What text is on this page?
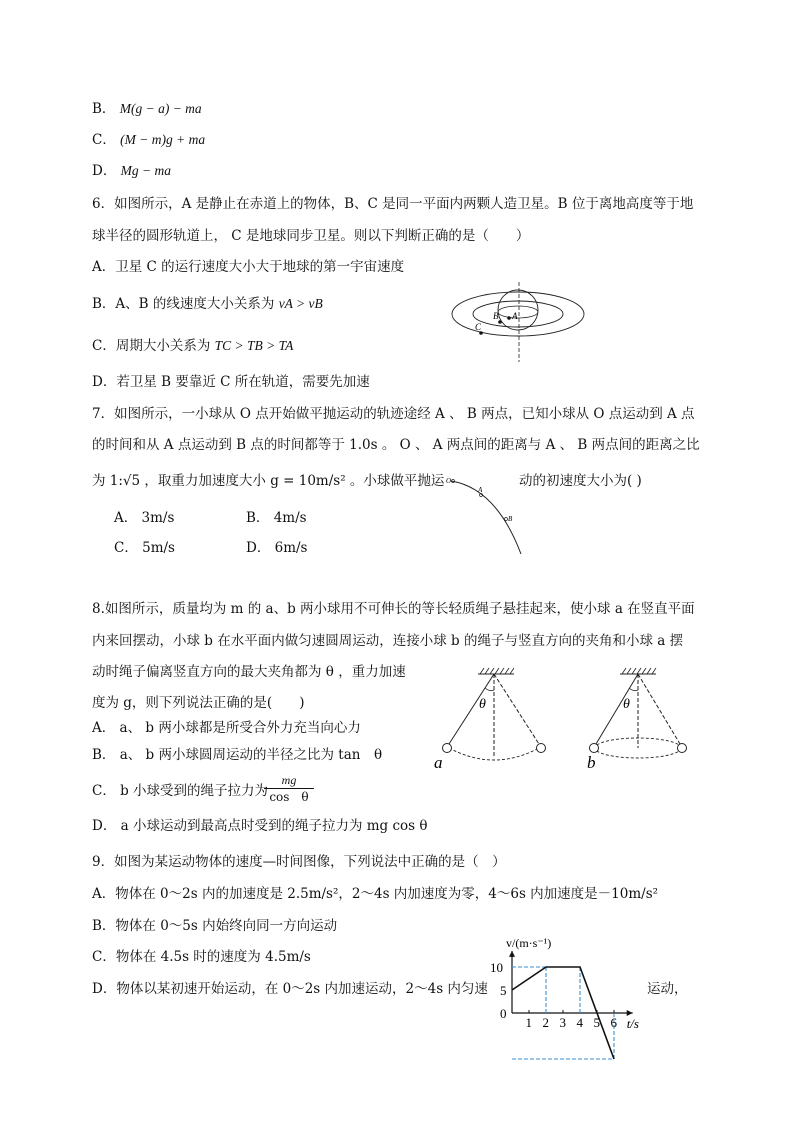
B． M(g − a) − ma
C． (M − m)g + ma
D． Mg − ma
6．如图所示，A 是静止在赤道上的物体，B、C 是同一平面内两颗人造卫星。B 位于离地高度等于地
球半径的圆形轨道上， C 是地球同步卫星。则以下判断正确的是（　　）
A．卫星 C 的运行速度大小大于地球的第一宇宙速度
B．A、B 的线速度大小关系为 vA > vB
C．周期大小关系为 TC > TB > TA
D．若卫星 B 要靠近 C 所在轨道，需要先加速
B A
C
7．如图所示，一小球从 O 点开始做平抛运动的轨迹途经 A 、 B 两点，已知小球从 O 点运动到 A 点
的时间和从 A 点运动到 B 点的时间都等于 1.0s 。 O 、 A 两点间的距离与 A 、 B 两点间的距离之比
为 1:√5 ，取重力加速度大小 g = 10m/s² 。小球做平抛运	动的初速度大小为( )
A． 3m/s	B． 4m/s
C． 5m/s	D． 6m/s
O
A
B
8.如图所示，质量均为 m 的 a、b 两小球用不可伸长的等长轻质绳子悬挂起来，使小球 a 在竖直平面
内来回摆动，小球 b 在水平面内做匀速圆周运动，连接小球 b 的绳子与竖直方向的夹角和小球 a 摆
动时绳子偏离竖直方向的最大夹角都为 θ ，重力加速
度为 g，则下列说法正确的是(　　)
A． a、 b 两小球都是所受合外力充当向心力
B． a、 b 两小球圆周运动的半径之比为 tan　θ
C． b 小球受到的绳子拉力为
$\frac{mg}{\text{cos　θ}}$
D． a 小球运动到最高点时受到的绳子拉力为 mg cos θ
θ
a
θ
b
9．如图为某运动物体的速度—时间图像，下列说法中正确的是（　）
A．物体在 0～2s 内的加速度是 2.5m/s²，2～4s 内加速度为零，4～6s 内加速度是－10m/s²
B．物体在 0～5s 内始终向同一方向运动
C．物体在 4.5s 时的速度为 4.5m/s
D．物体以某初速开始运动，在 0～2s 内加速运动，2～4s 内匀速	运动，
1 2 3 4 5 6
10
5
0
v/(m·s⁻¹)
t/s
